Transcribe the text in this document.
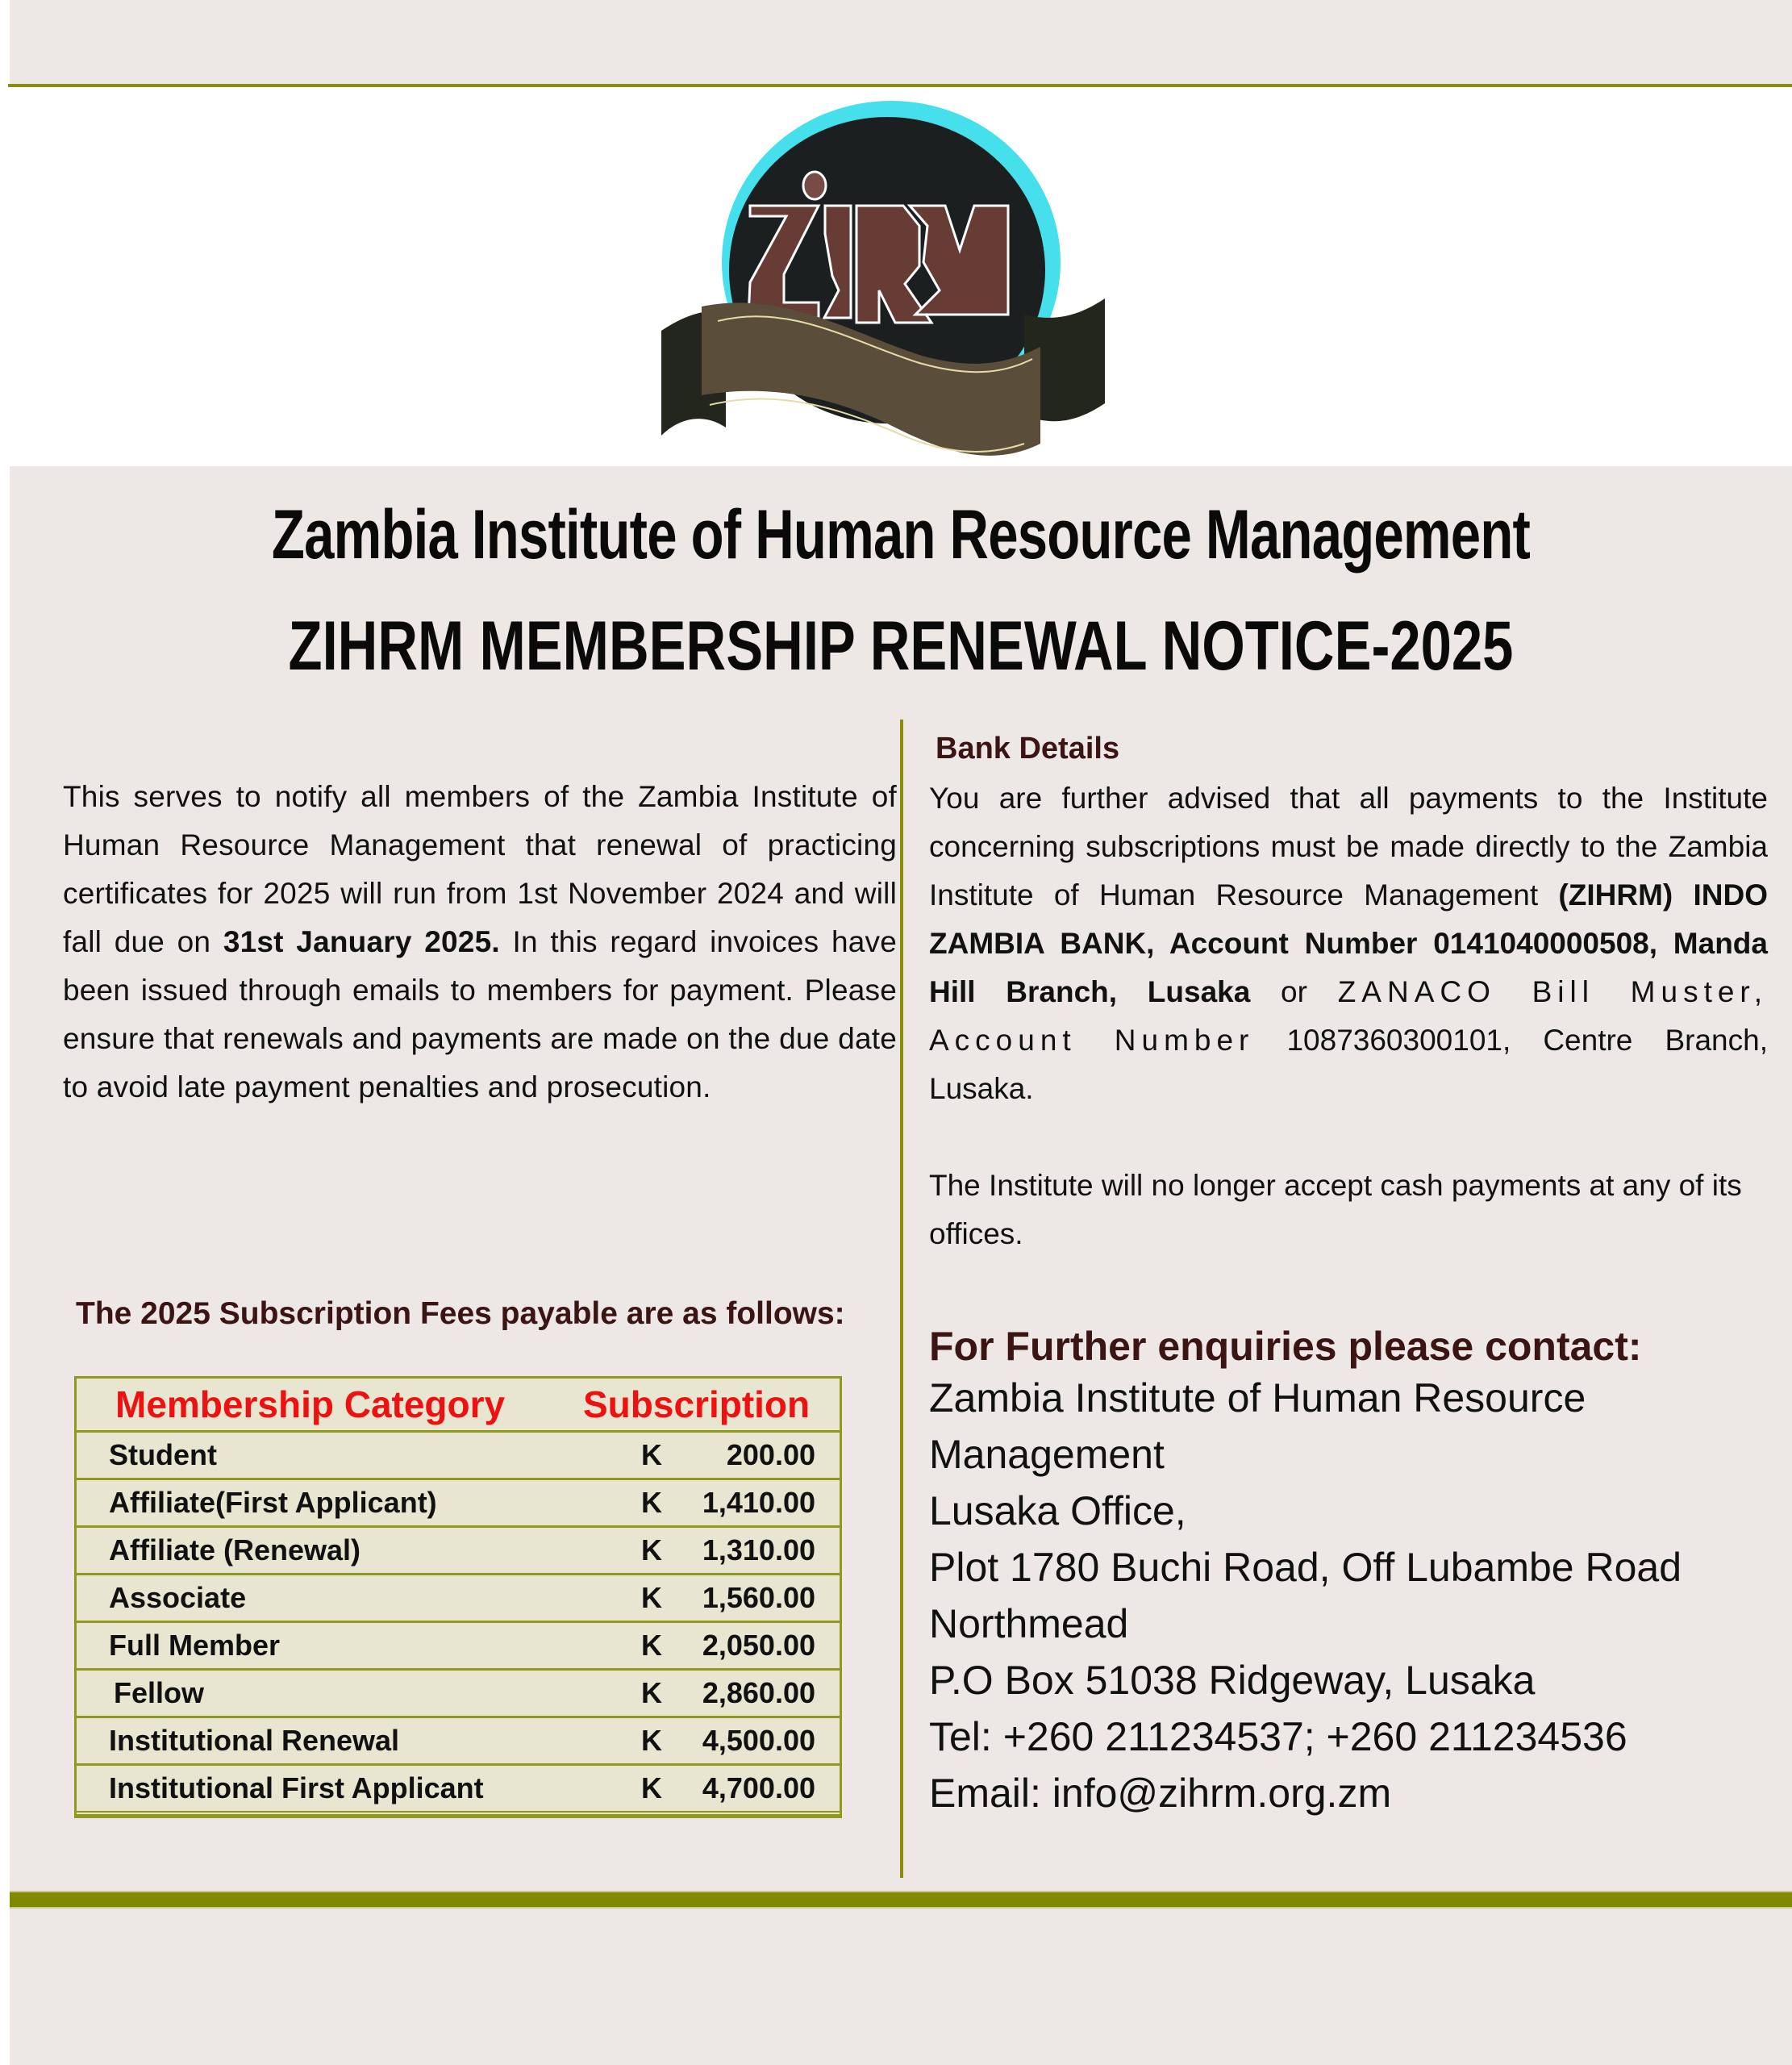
Zambia Institute of Human Resource Management
ZIHRM MEMBERSHIP RENEWAL NOTICE-2025

This serves to notify all members of the Zambia Institute of Human Resource Management that renewal of practicing certificates for 2025 will run from 1st November 2024 and will fall due on 31st January 2025. In this regard invoices have been issued through emails to members for payment. Please ensure that renewals and payments are made on the due date to avoid late payment penalties and prosecution.

The 2025 Subscription Fees payable are as follows:
Membership Category	Subscription
Student	K	200.00
Affiliate(First Applicant)	K	1,410.00
Affiliate (Renewal)	K	1,310.00
Associate	K	1,560.00
Full Member	K	2,050.00
Fellow	K	2,860.00
Institutional Renewal	K	4,500.00
Institutional First Applicant	K	4,700.00
Bank Details

You are further advised that all payments to the Institute concerning subscriptions must be made directly to the Zambia Institute of Human Resource Management (ZIHRM) INDO ZAMBIA BANK, Account Number 0141040000508, Manda Hill Branch, Lusaka or ZANACO Bill Muster, Account Number 1087360300101, Centre Branch, Lusaka.

The Institute will no longer accept cash payments at any of its offices.

For Further enquiries please contact:
Zambia Institute of Human Resource
Management
Lusaka Office,
Plot 1780 Buchi Road, Off Lubambe Road
Northmead
P.O Box 51038 Ridgeway, Lusaka
Tel: +260 211234537; +260 211234536
Email: info@zihrm.org.zm
